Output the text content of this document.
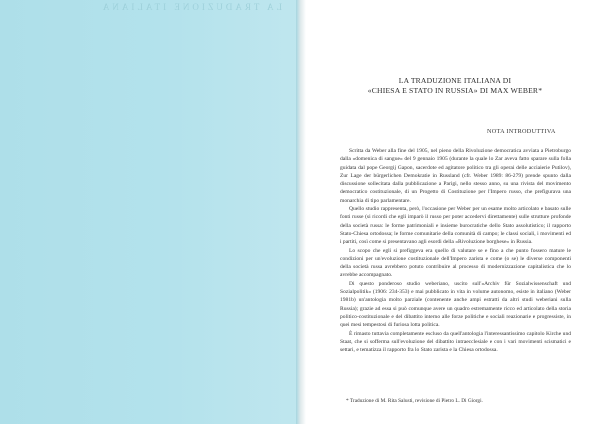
LA TRADUZIONE ITALIANA
LA TRADUZIONE ITALIANA DI
«CHIESA E STATO IN RUSSIA» DI MAX WEBER*
NOTA INTRODUTTIVA

Scritta da Weber alla fine del 1905, nel pieno della Rivoluzione democratica avviata a Pietroburgo dalla «domenica di sangue» del 9 gennaio 1905 (durante la quale lo Zar aveva fatto sparare sulla folla guidata dal pope Georgij Gapon, sacerdote ed agitatore politico tra gli operai delle acciaierie Putilov), Zur Lage der bürgerlichen Demokratie in Russland (cfr. Weber 1989: 86-279) prende spunto dalla discussione sollecitata dalla pubblicazione a Parigi, nello stesso anno, su una rivista del movimento democratico costituzionale, di un Progetto di Costituzione per l'Impero russo, che prefigurava una monarchia di tipo parlamentare.

Quello studio rappresenta, però, l'occasione per Weber per un esame molto articolato e basato sulle fonti russe (si ricordi che egli imparò il russo per poter accedervi direttamente) sulle strutture profonde della società russa: le forme patrimoniali e insieme burocratiche dello Stato assolutistico; il rapporto Stato-Chiesa ortodossa; le forme comunitarie della comunità di campo; le classi sociali, i movimenti ed i partiti, così come si presentavano agli esordi della «Rivoluzione borghese» in Russia.

Lo scopo che egli si prefiggeva era quello di valutare se e fino a che punto fossero mature le condizioni per un'evoluzione costituzionale dell'Impero zarista e come (o se) le diverse componenti della società russa avrebbero potuto contribuire al processo di modernizzazione capitalistica che lo avrebbe accompagnato.

Di questo ponderoso studio weberiano, uscito sull'«Archiv für Sozialwissenschaft und Sozialpolitik» (1906: 234-353) e mai pubblicato in vita in volume autonomo, esiste in italiano (Weber 1981b) un'antologia molto parziale (contenente anche ampi estratti da altri studi weberiani sulla Russia); grazie ad essa si può comunque avere un quadro estremamente ricco ed articolato della storia politico-costituzionale e del dibattito interno alle forze politiche e sociali reazionarie e progressiste, in quei mesi tempestosi di furiosa lotta politica.

È rimasto tuttavia completamente escluso da quell'antologia l'interessantissimo capitolo Kirche und Staat, che si sofferma sull'evoluzione del dibattito intraecclesiale e con i vari movimenti scismatici e settari, e tematizza il rapporto fra lo Stato zarista e la Chiesa ortodossa.

* Traduzione di M. Rita Salusti, revisione di Pietro L. Di Giorgi.
